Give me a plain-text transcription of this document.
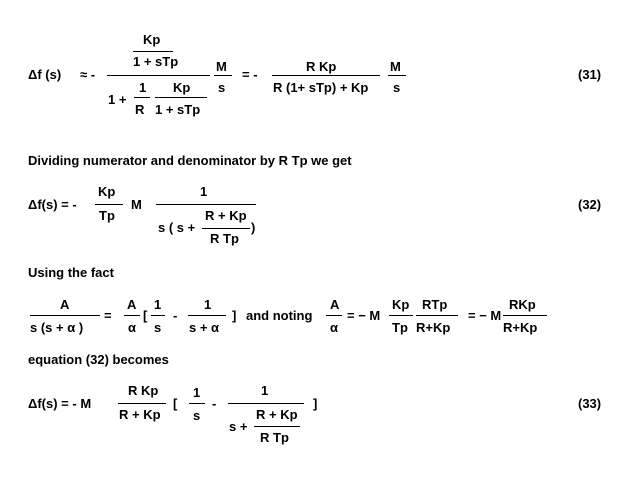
Δf (s) ≈ -
Kp
1 + sTp
1 +
1
R
Kp
1 + sTp
M
s
= -
R Kp
R (1+ sTp) + Kp
M
s
(31)
Dividing numerator and denominator by R Tp we get
Δf(s) = -
Kp
Tp
M
1
s ( s +
R + Kp
R Tp
)
(32)
Using the fact
A
s (s + α )
=
A
α
[
1
s
-
1
s + α
] and noting
A
α
= − M
Kp
Tp
RTp
R+Kp
= − M
RKp
R+Kp
equation (32) becomes
Δf(s) = - M
R Kp
R + Kp
[
1
s
-
1
s +
R + Kp
R Tp
]	(33)
